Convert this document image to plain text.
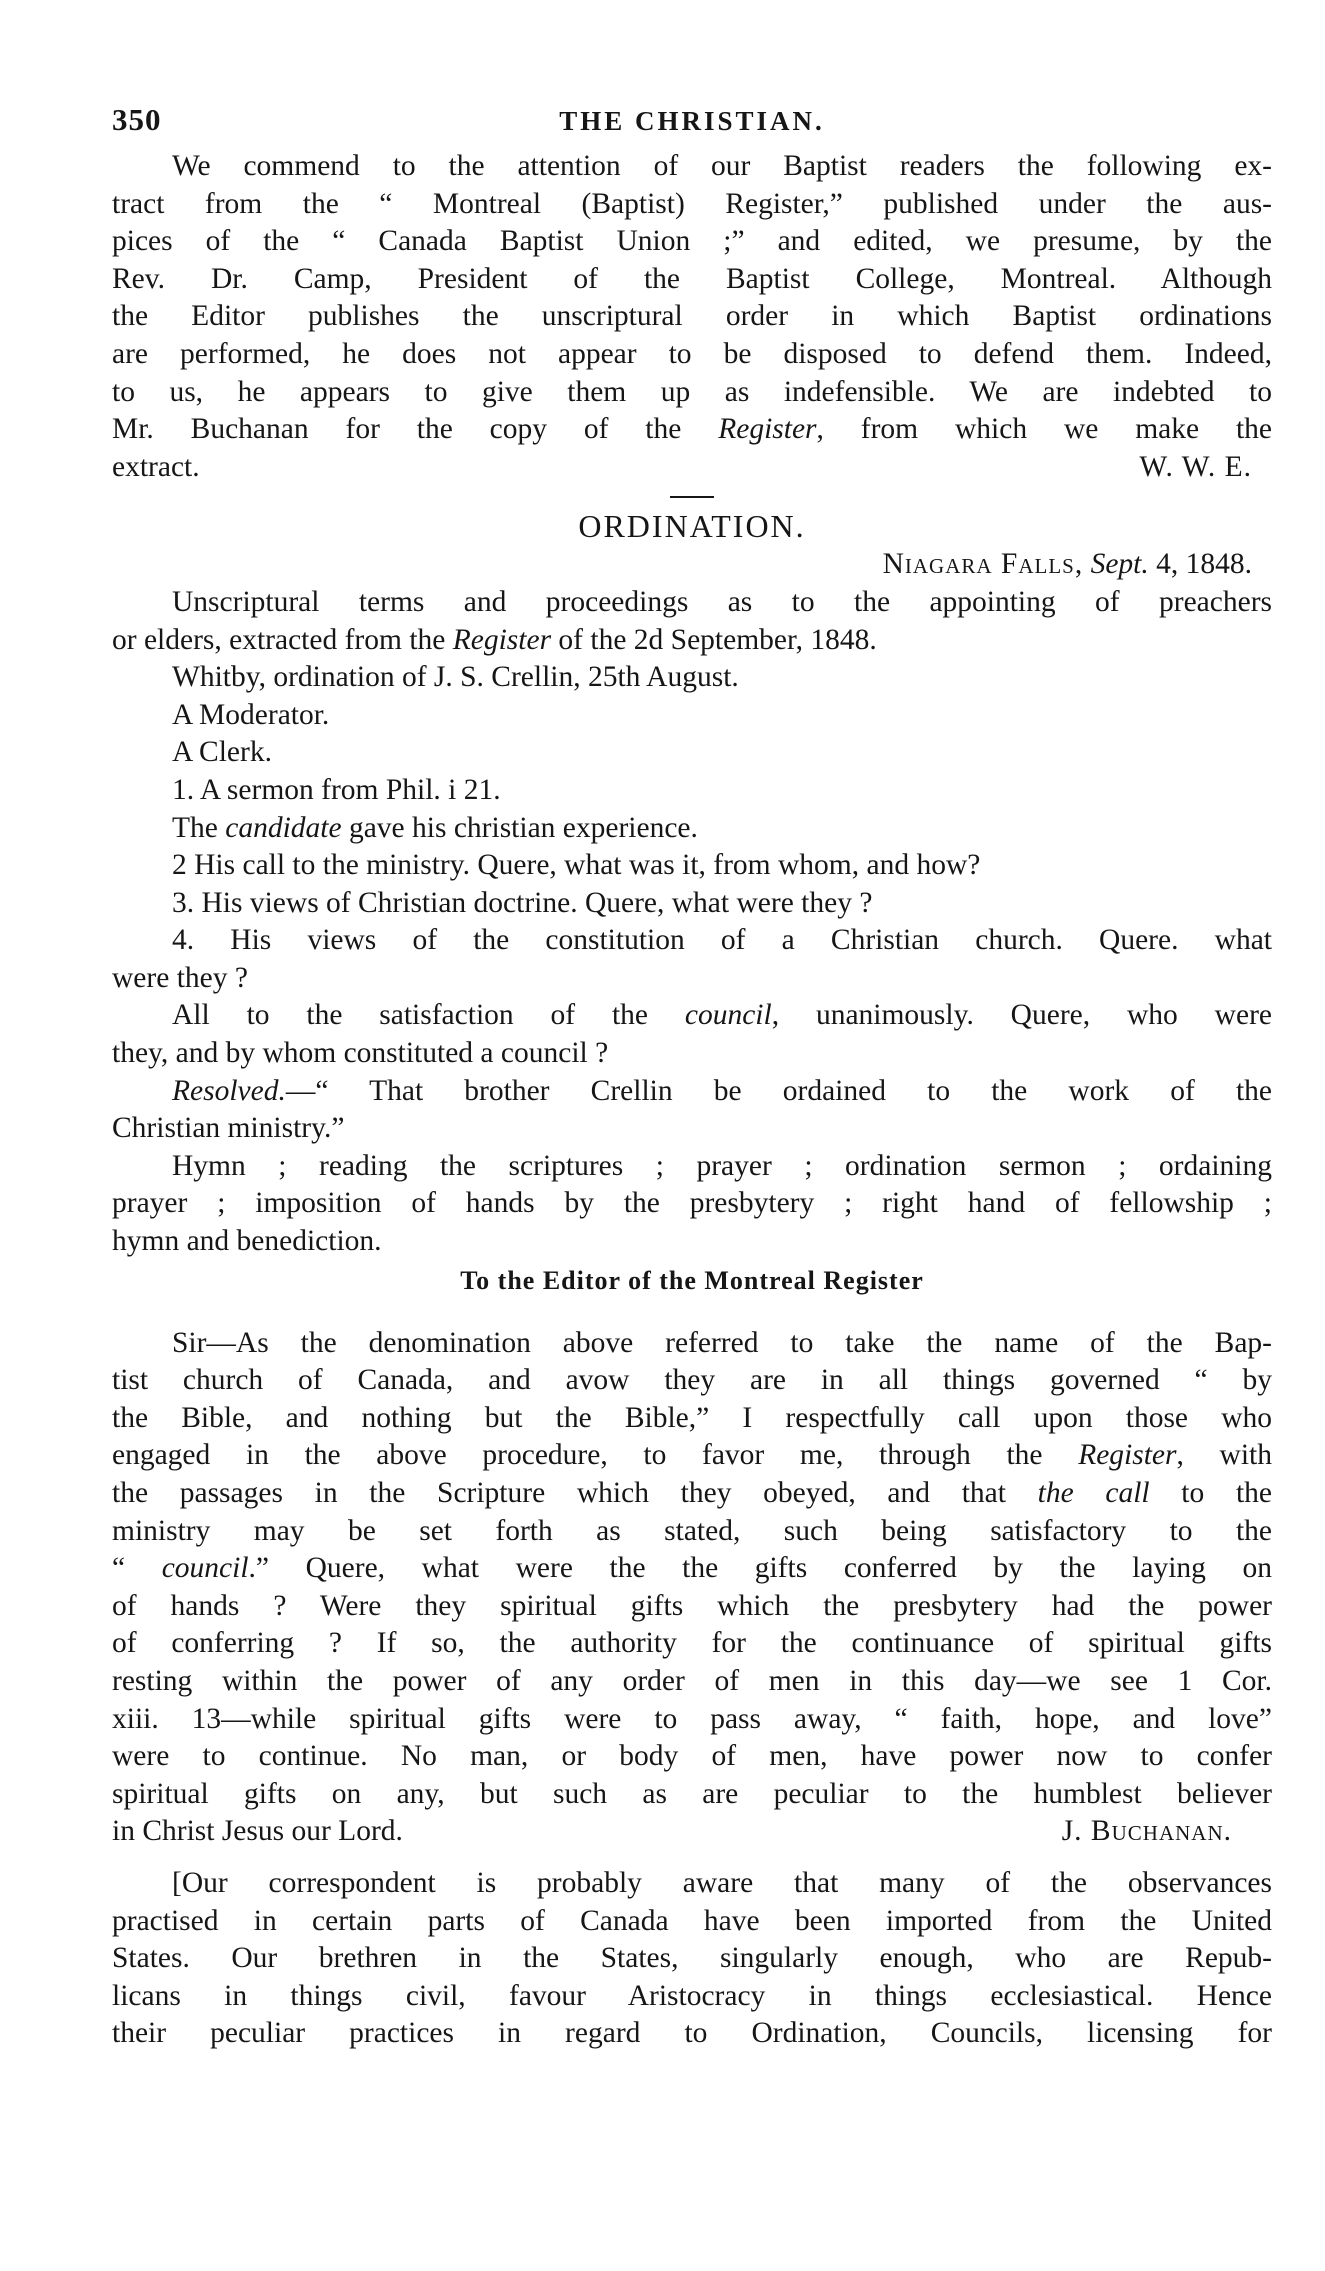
350	THE CHRISTIAN.

We commend to the attention of our Baptist readers the following ex-

tract from the “ Montreal (Baptist) Register,” published under the aus-

pices of the “ Canada Baptist Union ;” and edited, we presume, by the

Rev. Dr. Camp, President of the Baptist College, Montreal. Although

the Editor publishes the unscriptural order in which Baptist ordinations

are performed, he does not appear to be disposed to defend them. Indeed,

to us, he appears to give them up as indefensible. We are indebted to

Mr. Buchanan for the copy of the Register, from which we make the

extract.	W. W. E.

ORDINATION.

Niagara Falls, Sept. 4, 1848.

Unscriptural terms and proceedings as to the appointing of preachers

or elders, extracted from the Register of the 2d September, 1848.

Whitby, ordination of J. S. Crellin, 25th August.

A Moderator.

A Clerk.

1. A sermon from Phil. i 21.

The candidate gave his christian experience.

2 His call to the ministry. Quere, what was it, from whom, and how?

3. His views of Christian doctrine. Quere, what were they ?

4. His views of the constitution of a Christian church. Quere. what

were they ?

All to the satisfaction of the council, unanimously. Quere, who were

they, and by whom constituted a council ?

Resolved.—“ That brother Crellin be ordained to the work of the

Christian ministry.”

Hymn ; reading the scriptures ; prayer ; ordination sermon ; ordaining

prayer ; imposition of hands by the presbytery ; right hand of fellowship ;

hymn and benediction.

To the Editor of the Montreal Register

Sir—As the denomination above referred to take the name of the Bap-

tist church of Canada, and avow they are in all things governed “ by

the Bible, and nothing but the Bible,” I respectfully call upon those who

engaged in the above procedure, to favor me, through the Register, with

the passages in the Scripture which they obeyed, and that the call to the

ministry may be set forth as stated, such being satisfactory to the

“ council.” Quere, what were the the gifts conferred by the laying on

of hands ? Were they spiritual gifts which the presbytery had the power

of conferring ? If so, the authority for the continuance of spiritual gifts

resting within the power of any order of men in this day—we see 1 Cor.

xiii. 13—while spiritual gifts were to pass away, “ faith, hope, and love”

were to continue. No man, or body of men, have power now to confer

spiritual gifts on any, but such as are peculiar to the humblest believer

in Christ Jesus our Lord.	J. Buchanan.

[Our correspondent is probably aware that many of the observances

practised in certain parts of Canada have been imported from the United

States. Our brethren in the States, singularly enough, who are Repub-

licans in things civil, favour Aristocracy in things ecclesiastical. Hence

their peculiar practices in regard to Ordination, Councils, licensing for
